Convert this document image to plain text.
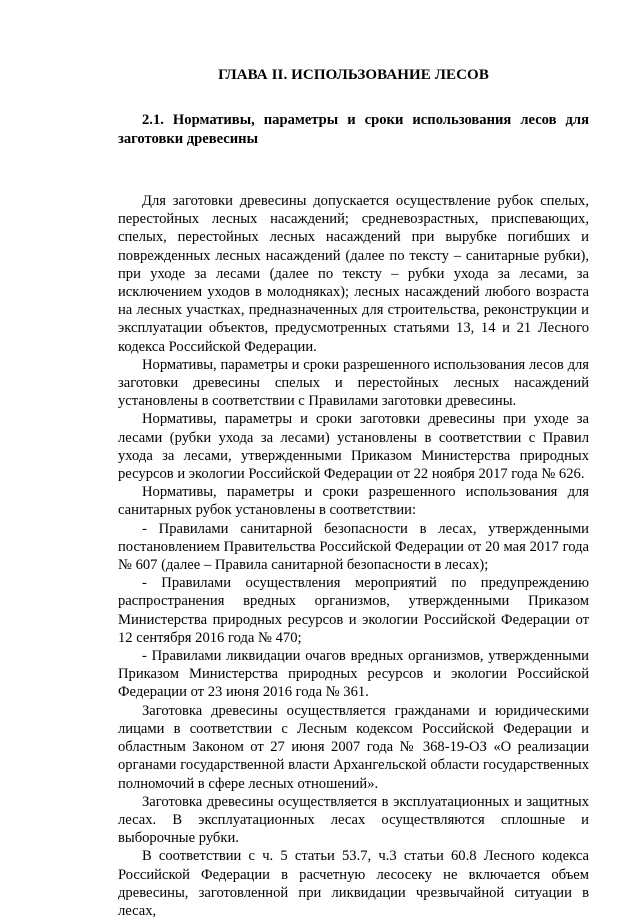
ГЛАВА II. ИСПОЛЬЗОВАНИЕ ЛЕСОВ
2.1. Нормативы, параметры и сроки использования лесов для заготовки древесины

Для заготовки древесины допускается осуществление рубок спелых, перестойных лесных насаждений; средневозрастных, приспевающих, спелых, перестойных лесных насаждений при вырубке погибших и поврежденных лесных насаждений (далее по тексту – санитарные рубки), при уходе за лесами (далее по тексту – рубки ухода за лесами, за исключением уходов в молодняках); лесных насаждений любого возраста на лесных участках, предназначенных для строительства, реконструкции и эксплуатации объектов, предусмотренных статьями 13, 14 и 21 Лесного кодекса Российской Федерации.

Нормативы, параметры и сроки разрешенного использования лесов для заготовки древесины спелых и перестойных лесных насаждений установлены в соответствии с Правилами заготовки древесины.

Нормативы, параметры и сроки заготовки древесины при уходе за лесами (рубки ухода за лесами) установлены в соответствии с Правил ухода за лесами, утвержденными Приказом Министерства природных ресурсов и экологии Российской Федерации от 22 ноября 2017 года № 626.

Нормативы, параметры и сроки разрешенного использования для санитарных рубок установлены в соответствии:

- Правилами санитарной безопасности в лесах, утвержденными постановлением Правительства Российской Федерации от 20 мая 2017 года № 607 (далее – Правила санитарной безопасности в лесах);

- Правилами осуществления мероприятий по предупреждению распространения вредных организмов, утвержденными Приказом Министерства природных ресурсов и экологии Российской Федерации от 12 сентября 2016 года № 470;

- Правилами ликвидации очагов вредных организмов, утвержденными Приказом Министерства природных ресурсов и экологии Российской Федерации от 23 июня 2016 года № 361.

Заготовка древесины осуществляется гражданами и юридическими лицами в соответствии с Лесным кодексом Российской Федерации и областным Законом от 27 июня 2007 года № 368-19-ОЗ «О реализации органами государственной власти Архангельской области государственных полномочий в сфере лесных отношений».

Заготовка древесины осуществляется в эксплуатационных и защитных лесах. В эксплуатационных лесах осуществляются сплошные и выборочные рубки.

В соответствии с ч. 5 статьи 53.7, ч.3 статьи 60.8 Лесного кодекса Российской Федерации в расчетную лесосеку не включается объем древесины, заготовленной при ликвидации чрезвычайной ситуации в лесах,
